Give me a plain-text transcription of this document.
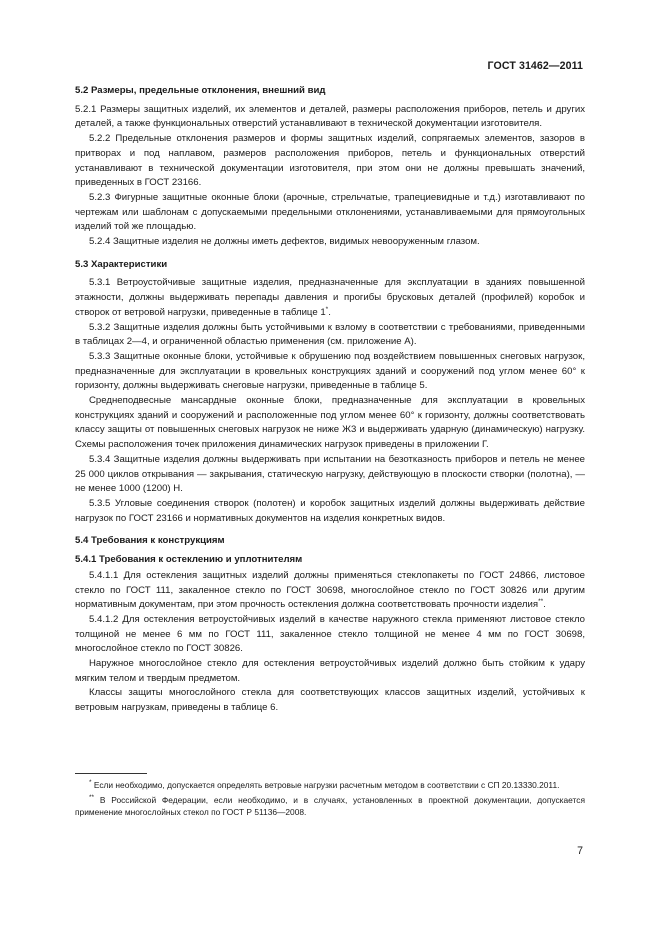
ГОСТ 31462—2011

5.2 Размеры, предельные отклонения, внешний вид

5.2.1 Размеры защитных изделий, их элементов и деталей, размеры расположения приборов, петель и других деталей, а также функциональных отверстий устанавливают в технической документации изготовителя.

5.2.2 Предельные отклонения размеров и формы защитных изделий, сопрягаемых элементов, зазоров в притворах и под наплавом, размеров расположения приборов, петель и функциональных отверстий устанавливают в технической документации изготовителя, при этом они не должны превышать значений, приведенных в ГОСТ 23166.

5.2.3 Фигурные защитные оконные блоки (арочные, стрельчатые, трапециевидные и т.д.) изготавливают по чертежам или шаблонам с допускаемыми предельными отклонениями, устанавливаемыми для прямоугольных изделий той же площадью.

5.2.4 Защитные изделия не должны иметь дефектов, видимых невооруженным глазом.

5.3 Характеристики

5.3.1 Ветроустойчивые защитные изделия, предназначенные для эксплуатации в зданиях повышенной этажности, должны выдерживать перепады давления и прогибы брусковых деталей (профилей) коробок и створок от ветровой нагрузки, приведенные в таблице 1*.

5.3.2 Защитные изделия должны быть устойчивыми к взлому в соответствии с требованиями, приведенными в таблицах 2—4, и ограниченной областью применения (см. приложение А).

5.3.3 Защитные оконные блоки, устойчивые к обрушению под воздействием повышенных снеговых нагрузок, предназначенные для эксплуатации в кровельных конструкциях зданий и сооружений под углом менее 60° к горизонту, должны выдерживать снеговые нагрузки, приведенные в таблице 5.

Среднеподвесные мансардные оконные блоки, предназначенные для эксплуатации в кровельных конструкциях зданий и сооружений и расположенные под углом менее 60° к горизонту, должны соответствовать классу защиты от повышенных снеговых нагрузок не ниже Ж3 и выдерживать ударную (динамическую) нагрузку. Схемы расположения точек приложения динамических нагрузок приведены в приложении Г.

5.3.4 Защитные изделия должны выдерживать при испытании на безотказность приборов и петель не менее 25 000 циклов открывания — закрывания, статическую нагрузку, действующую в плоскости створки (полотна), — не менее 1000 (1200) Н.

5.3.5 Угловые соединения створок (полотен) и коробок защитных изделий должны выдерживать действие нагрузок по ГОСТ 23166 и нормативных документов на изделия конкретных видов.

5.4 Требования к конструкциям

5.4.1 Требования к остеклению и уплотнителям

5.4.1.1 Для остекления защитных изделий должны применяться стеклопакеты по ГОСТ 24866, листовое стекло по ГОСТ 111, закаленное стекло по ГОСТ 30698, многослойное стекло по ГОСТ 30826 или другим нормативным документам, при этом прочность остекления должна соответствовать прочности изделия**.

5.4.1.2 Для остекления ветроустойчивых изделий в качестве наружного стекла применяют листовое стекло толщиной не менее 6 мм по ГОСТ 111, закаленное стекло толщиной не менее 4 мм по ГОСТ 30698, многослойное стекло по ГОСТ 30826.

Наружное многослойное стекло для остекления ветроустойчивых изделий должно быть стойким к удару мягким телом и твердым предметом.

Классы защиты многослойного стекла для соответствующих классов защитных изделий, устойчивых к ветровым нагрузкам, приведены в таблице 6.

* Если необходимо, допускается определять ветровые нагрузки расчетным методом в соответствии с СП 20.13330.2011.

** В Российской Федерации, если необходимо, и в случаях, установленных в проектной документации, допускается применение многослойных стекол по ГОСТ Р 51136—2008.

7
